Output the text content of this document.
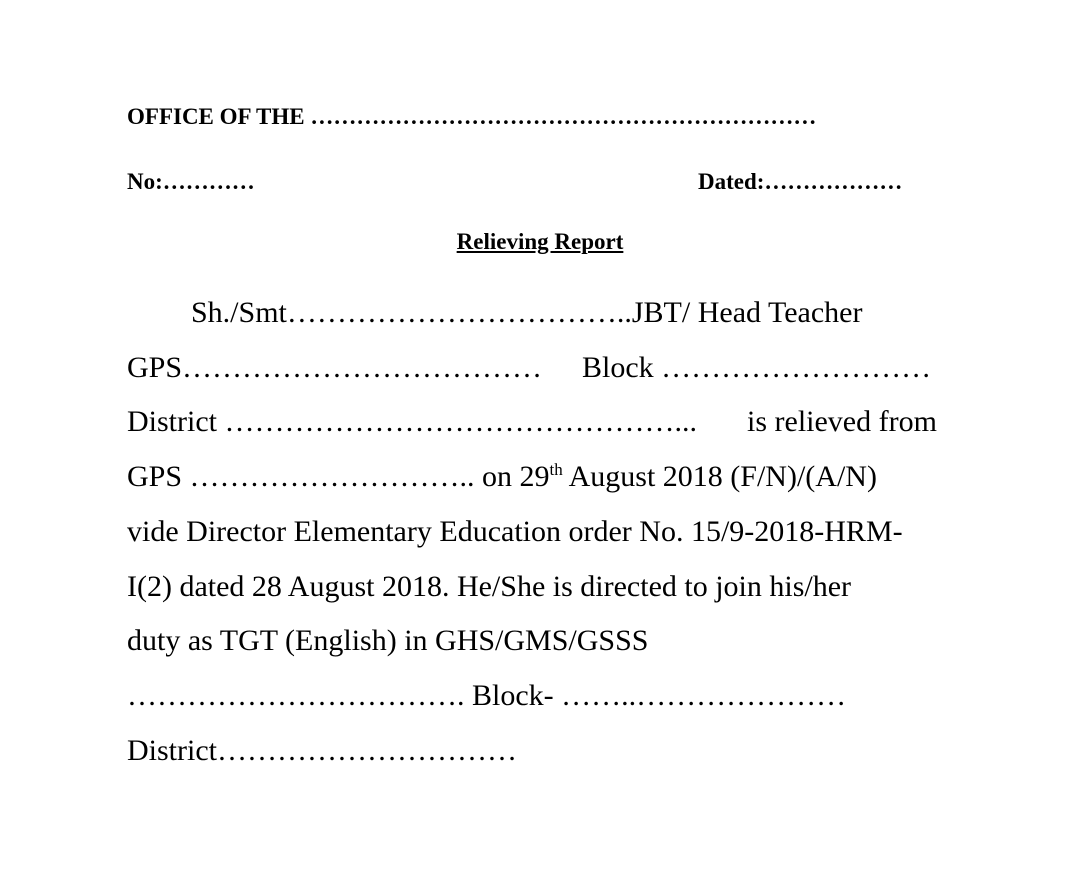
OFFICE OF THE …………………………………………………………
No:…………	Dated:………………
Relieving Report
Sh./Smt……………………………..JBT/ Head Teacher
GPS……………………………… Block ………………………
District ………………………………………... is relieved from
GPS ……………………….. on 29th August 2018 (F/N)/(A/N)
vide Director Elementary Education order No. 15/9-2018-HRM-
I(2) dated 28 August 2018. He/She is directed to join his/her
duty as TGT (English) in GHS/GMS/GSSS
……………………………. Block- ……..…………………
District…………………………
